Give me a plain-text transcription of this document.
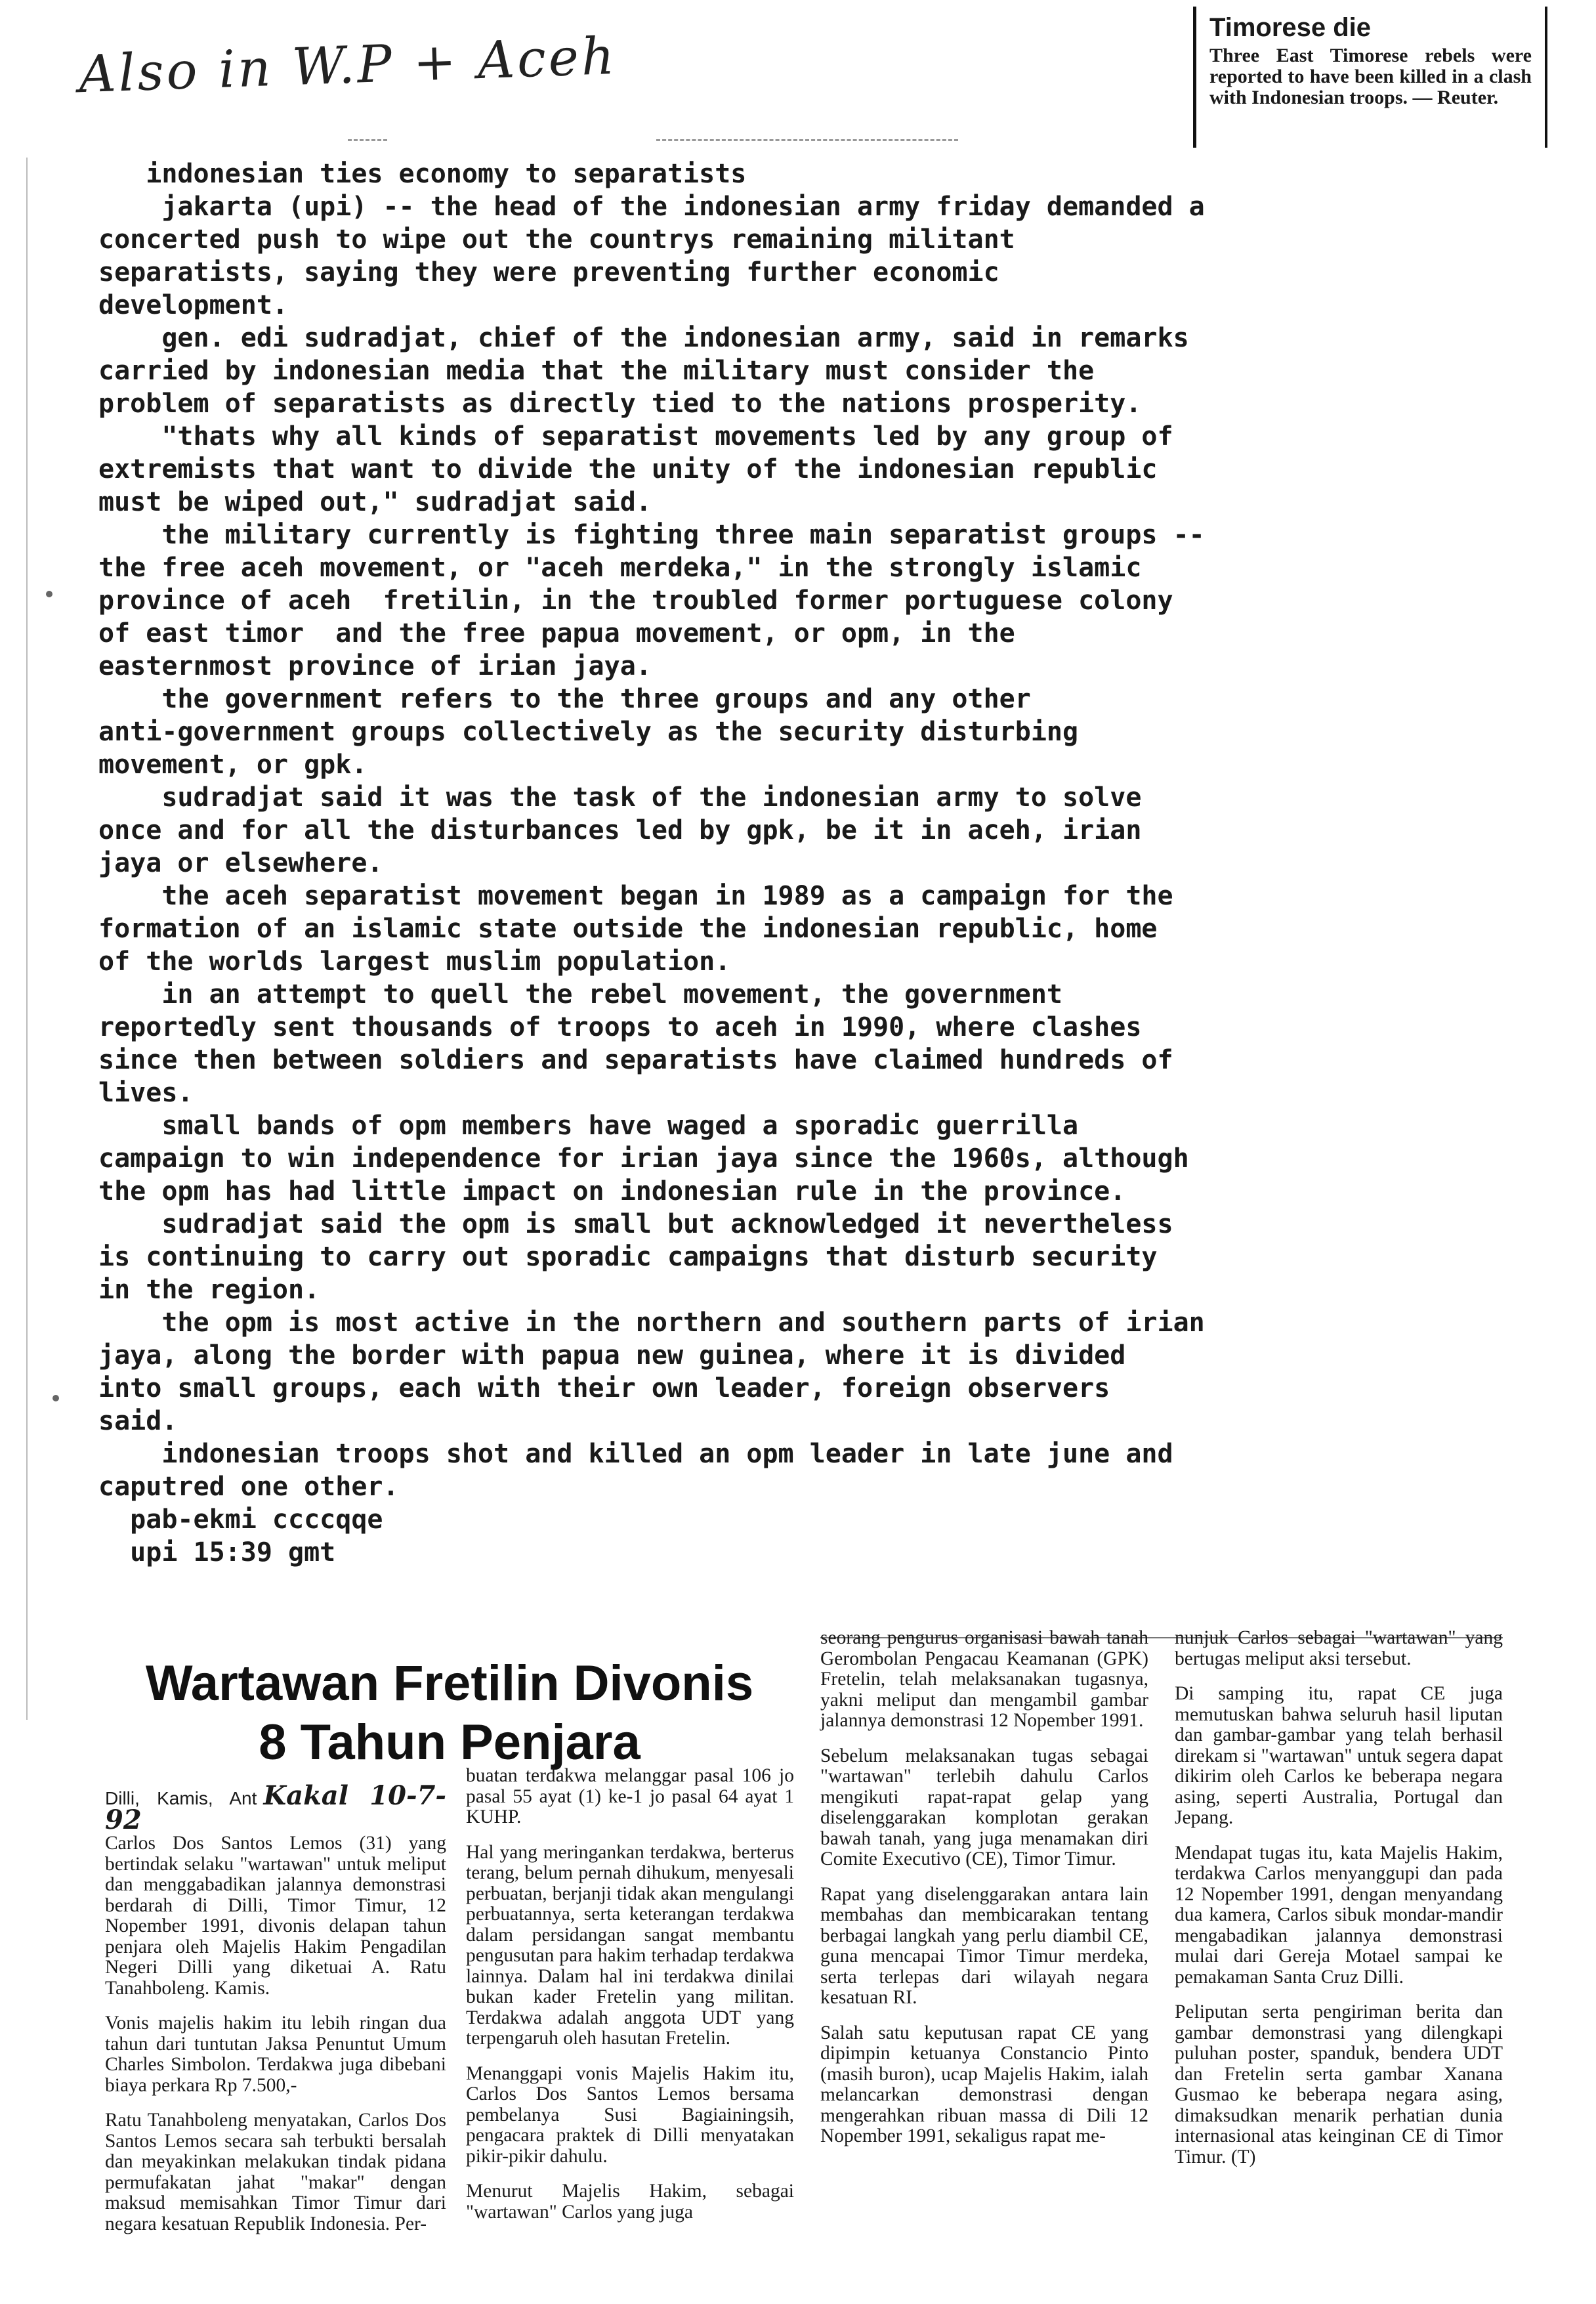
Also in W.P + Aceh	Timorese die
Three East Timorese rebels were reported to have been killed in a clash with Indonesian troops. — Reuter.
indonesian ties economy to separatists
jakarta (upi) -- the head of the indonesian army friday demanded a
concerted push to wipe out the countrys remaining militant
separatists, saying they were preventing further economic
development.
gen. edi sudradjat, chief of the indonesian army, said in remarks
carried by indonesian media that the military must consider the
problem of separatists as directly tied to the nations prosperity.
"thats why all kinds of separatist movements led by any group of
extremists that want to divide the unity of the indonesian republic
must be wiped out," sudradjat said.
the military currently is fighting three main separatist groups --
the free aceh movement, or "aceh merdeka," in the strongly islamic
province of aceh  fretilin, in the troubled former portuguese colony
of east timor  and the free papua movement, or opm, in the
easternmost province of irian jaya.
the government refers to the three groups and any other
anti-government groups collectively as the security disturbing
movement, or gpk.
sudradjat said it was the task of the indonesian army to solve
once and for all the disturbances led by gpk, be it in aceh, irian
jaya or elsewhere.
the aceh separatist movement began in 1989 as a campaign for the
formation of an islamic state outside the indonesian republic, home
of the worlds largest muslim population.
in an attempt to quell the rebel movement, the government
reportedly sent thousands of troops to aceh in 1990, where clashes
since then between soldiers and separatists have claimed hundreds of
lives.
small bands of opm members have waged a sporadic guerrilla
campaign to win independence for irian jaya since the 1960s, although
the opm has had little impact on indonesian rule in the province.
sudradjat said the opm is small but acknowledged it nevertheless
is continuing to carry out sporadic campaigns that disturb security
in the region.
the opm is most active in the northern and southern parts of irian
jaya, along the border with papua new guinea, where it is divided
into small groups, each with their own leader, foreign observers
said.
indonesian troops shot and killed an opm leader in late june and
caputred one other.
pab-ekmi ccccqqe
upi 15:39 gmt
Wartawan Fretilin Divonis
8 Tahun Penjara

Dilli, Kamis, Ant Kakal 10-7-92

Carlos Dos Santos Lemos (31) yang bertindak selaku "wartawan" untuk meliput dan menggabadikan jalannya demonstrasi berdarah di Dilli, Timor Timur, 12 Nopember 1991, divonis delapan tahun penjara oleh Majelis Hakim Pengadilan Negeri Dilli yang diketuai A. Ratu Tanahboleng. Kamis.

Vonis majelis hakim itu lebih ringan dua tahun dari tuntutan Jaksa Penuntut Umum Charles Simbolon. Terdakwa juga dibebani biaya perkara Rp 7.500,-

Ratu Tanahboleng menyatakan, Carlos Dos Santos Lemos secara sah terbukti bersalah dan meyakinkan melakukan tindak pidana permufakatan jahat "makar" dengan maksud memisahkan Timor Timur dari negara kesatuan Republik Indonesia. Per-

buatan terdakwa melanggar pasal 106 jo pasal 55 ayat (1) ke-1 jo pasal 64 ayat 1 KUHP.

Hal yang meringankan terdakwa, berterus terang, belum pernah dihukum, menyesali perbuatan, berjanji tidak akan mengulangi perbuatannya, serta keterangan terdakwa dalam persidangan sangat membantu pengusutan para hakim terhadap terdakwa lainnya. Dalam hal ini terdakwa dinilai bukan kader Fretelin yang militan. Terdakwa adalah anggota UDT yang terpengaruh oleh hasutan Fretelin.

Menanggapi vonis Majelis Hakim itu, Carlos Dos Santos Lemos bersama pembelanya Susi Bagiainingsih, pengacara praktek di Dilli menyatakan pikir-pikir dahulu.

Menurut Majelis Hakim, sebagai "wartawan" Carlos yang juga

seorang pengurus organisasi bawah tanah Gerombolan Pengacau Keamanan (GPK) Fretelin, telah melaksanakan tugasnya, yakni meliput dan mengambil gambar jalannya demonstrasi 12 Nopember 1991.

Sebelum melaksanakan tugas sebagai "wartawan" terlebih dahulu Carlos mengikuti rapat-rapat gelap yang diselenggarakan komplotan gerakan bawah tanah, yang juga menamakan diri Comite Executivo (CE), Timor Timur.

Rapat yang diselenggarakan antara lain membahas dan membicarakan tentang berbagai langkah yang perlu diambil CE, guna mencapai Timor Timur merdeka, serta terlepas dari wilayah negara kesatuan RI.

Salah satu keputusan rapat CE yang dipimpin ketuanya Constancio Pinto (masih buron), ucap Majelis Hakim, ialah melancarkan demonstrasi dengan mengerahkan ribuan massa di Dili 12 Nopember 1991, sekaligus rapat me-

nunjuk Carlos sebagai "wartawan" yang bertugas meliput aksi tersebut.

Di samping itu, rapat CE juga memutuskan bahwa seluruh hasil liputan dan gambar-gambar yang telah berhasil direkam si "wartawan" untuk segera dapat dikirim oleh Carlos ke beberapa negara asing, seperti Australia, Portugal dan Jepang.

Mendapat tugas itu, kata Majelis Hakim, terdakwa Carlos menyanggupi dan pada 12 Nopember 1991, dengan menyandang dua kamera, Carlos sibuk mondar-mandir mengabadikan jalannya demonstrasi mulai dari Gereja Motael sampai ke pemakaman Santa Cruz Dilli.

Peliputan serta pengiriman berita dan gambar demonstrasi yang dilengkapi puluhan poster, spanduk, bendera UDT dan Fretelin serta gambar Xanana Gusmao ke beberapa negara asing, dimaksudkan menarik perhatian dunia internasional atas keinginan CE di Timor Timur. (T)
